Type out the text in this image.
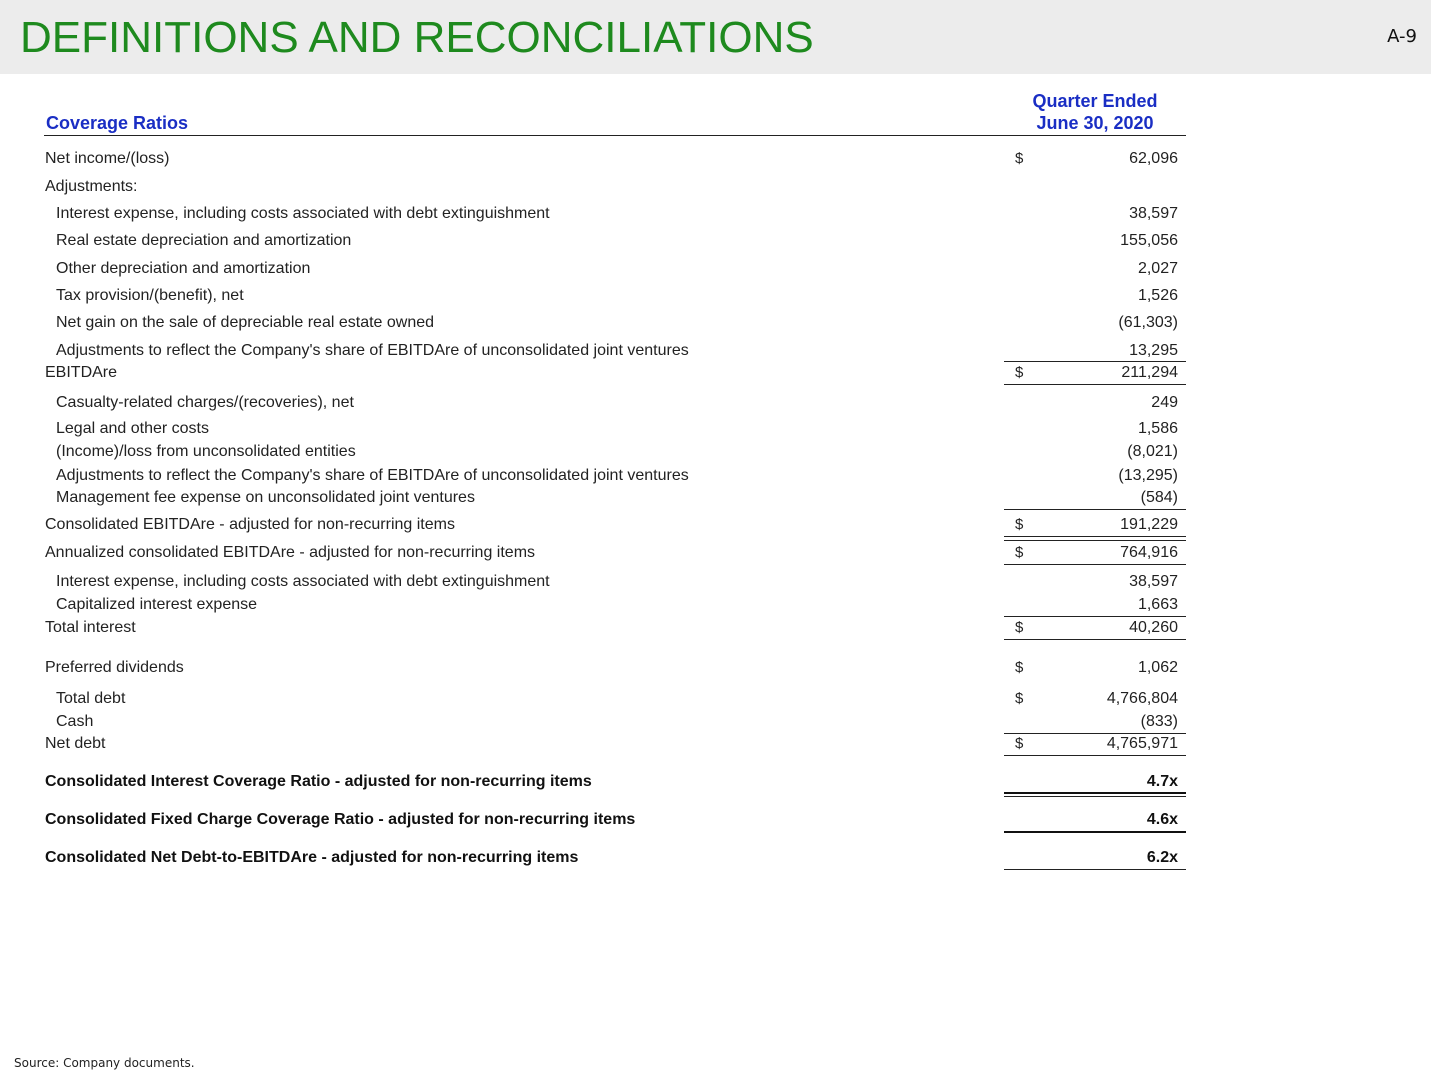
DEFINITIONS AND RECONCILIATIONS	A-9
Coverage Ratios
Quarter Ended
June 30, 2020
Net income/(loss)	$	62,096
Adjustments:
Interest expense, including costs associated with debt extinguishment	38,597
Real estate depreciation and amortization	155,056
Other depreciation and amortization	2,027
Tax provision/(benefit), net	1,526
Net gain on the sale of depreciable real estate owned	(61,303)
Adjustments to reflect the Company's share of EBITDAre of unconsolidated joint ventures	13,295
EBITDAre	$	211,294
Casualty-related charges/(recoveries), net	249
Legal and other costs	1,586
(Income)/loss from unconsolidated entities	(8,021)
Adjustments to reflect the Company's share of EBITDAre of unconsolidated joint ventures	(13,295)
Management fee expense on unconsolidated joint ventures	(584)
Consolidated EBITDAre - adjusted for non-recurring items	$	191,229
Annualized consolidated EBITDAre - adjusted for non-recurring items	$	764,916
Interest expense, including costs associated with debt extinguishment	38,597
Capitalized interest expense	1,663
Total interest	$	40,260
Preferred dividends	$	1,062
Total debt	$	4,766,804
Cash	(833)
Net debt	$	4,765,971
Consolidated Interest Coverage Ratio - adjusted for non-recurring items	4.7x
Consolidated Fixed Charge Coverage Ratio - adjusted for non-recurring items	4.6x
Consolidated Net Debt-to-EBITDAre - adjusted for non-recurring items	6.2x
Source: Company documents.
